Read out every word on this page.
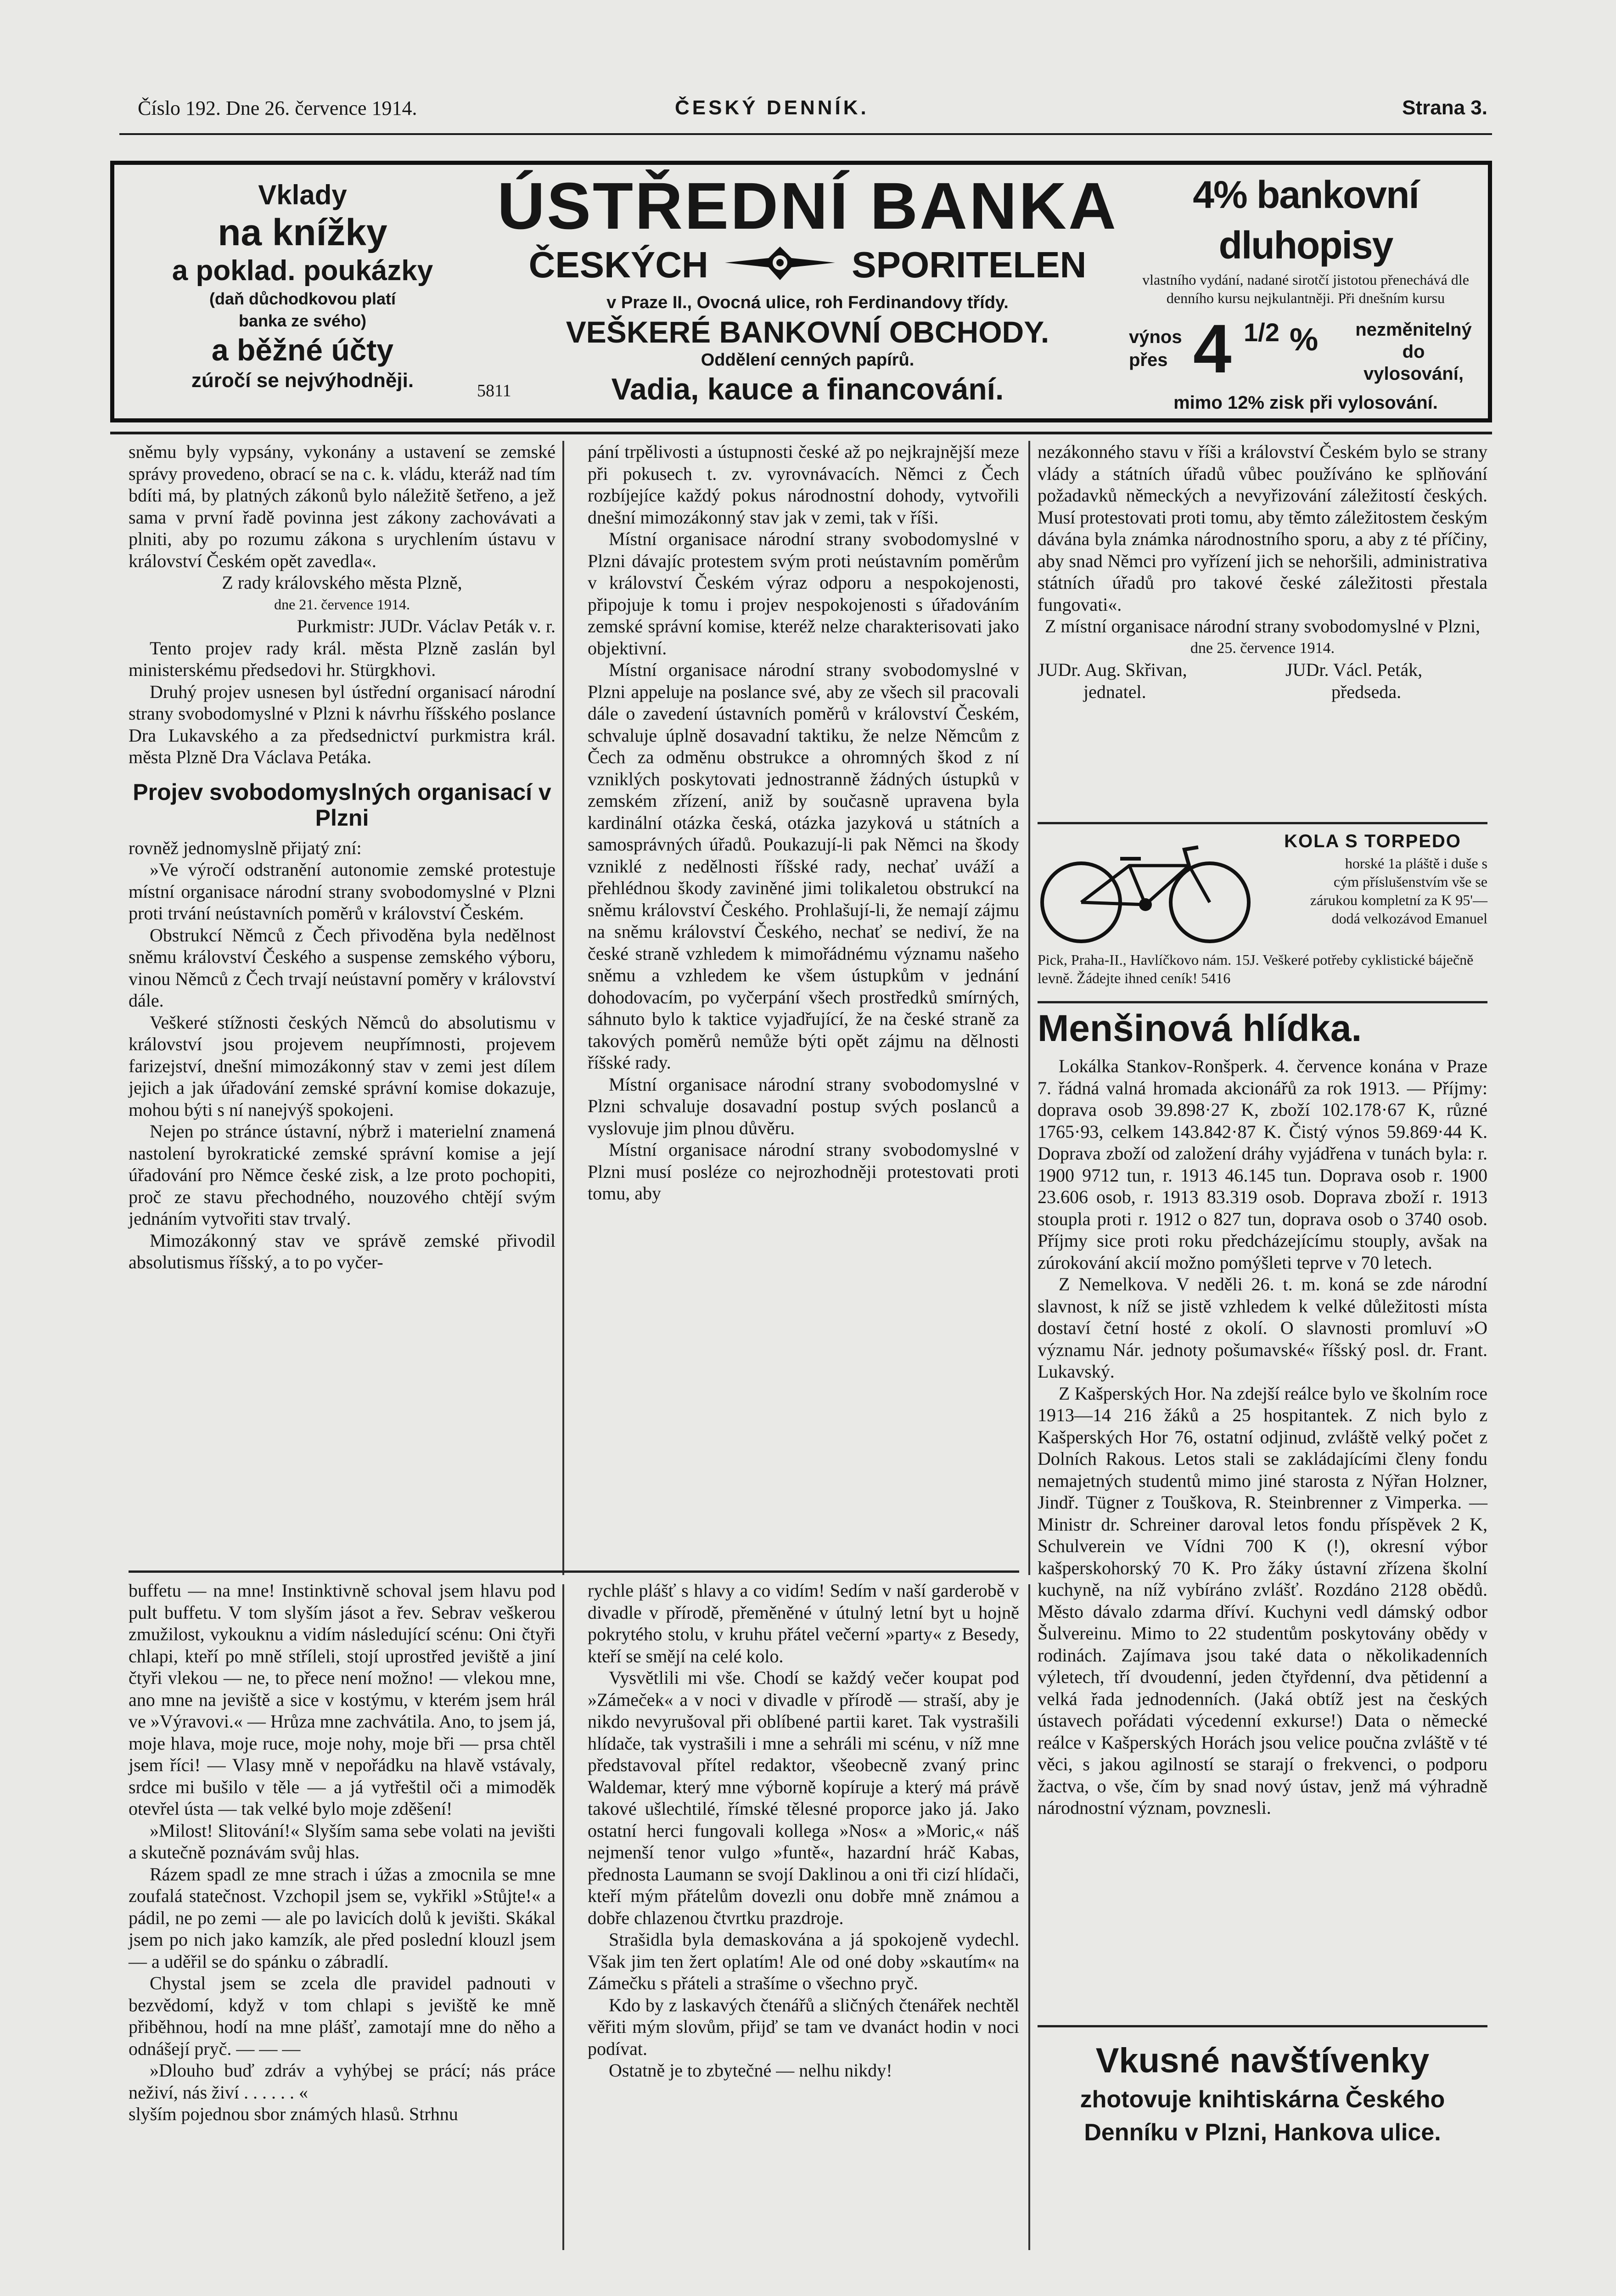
Číslo 192. Dne 26. července 1914.	ČESKÝ DENNÍK.	Strana 3.
Vklady
na knížky
a poklad. poukázky
(daň důchodkovou platí
banka ze svého)
a běžné účty
zúročí se nejvýhodněji.	5811
ÚSTŘEDNÍ BANKA
ČESKÝCH	SPORITELEN
v Praze II., Ovocná ulice, roh Ferdinandovy třídy.
VEŠKERÉ BANKOVNÍ OBCHODY.
Oddělení cenných papírů.
Vadia, kauce a financování.
4% bankovní dluhopisy
vlastního vydání, nadané sirotčí jistotou přenechává dle denního kursu nejkulantněji. Při dnešním kursu
výnos
přes 4 1/2 %	nezměnitelný
do
vylosování,
mimo 12% zisk při vylosování.

sněmu byly vypsány, vykonány a ustavení se zemské správy provedeno, obrací se na c. k. vládu, kteráž nad tím bdíti má, by platných zákonů bylo náležitě šetřeno, a jež sama v první řadě povinna jest zákony zachovávati a plniti, aby po rozumu zákona s urychlením ústavu v království Českém opět zavedla«.

Z rady královského města Plzně,

dne 21. července 1914.

Purkmistr: JUDr. Václav Peták v. r.

Tento projev rady král. města Plzně zaslán byl ministerskému předsedovi hr. Stürgkhovi.

Druhý projev usnesen byl ústřední organisací národní strany svobodomyslné v Plzni k návrhu říšského poslance Dra Lukavského a za předsednictví purkmistra král. města Plzně Dra Václava Petáka.

Projev svobodomyslných organisací v Plzni

rovněž jednomyslně přijatý zní:

»Ve výročí odstranění autonomie zemské protestuje místní organisace národní strany svobodomyslné v Plzni proti trvání neústavních poměrů v království Českém.

Obstrukcí Němců z Čech přivoděna byla nedělnost sněmu království Českého a suspense zemského výboru, vinou Němců z Čech trvají neústavní poměry v království dále.

Veškeré stížnosti českých Němců do absolutismu v království jsou projevem neupřímnosti, projevem farizejství, dnešní mimozákonný stav v zemi jest dílem jejich a jak úřadování zemské správní komise dokazuje, mohou býti s ní nanejvýš spokojeni.

Nejen po stránce ústavní, nýbrž i materielní znamená nastolení byrokratické zemské správní komise a její úřadování pro Němce české zisk, a lze proto pochopiti, proč ze stavu přechodného, nouzového chtějí svým jednáním vytvořiti stav trvalý.

Mimozákonný stav ve správě zemské přivodil absolutismus říšský, a to po vyčer-

pání trpělivosti a ústupnosti české až po nejkrajnější meze při pokusech t. zv. vyrovnávacích. Němci z Čech rozbíjejíce každý pokus národnostní dohody, vytvořili dnešní mimozákonný stav jak v zemi, tak v říši.

Místní organisace národní strany svobodomyslné v Plzni dávajíc protestem svým proti neústavním poměrům v království Českém výraz odporu a nespokojenosti, připojuje k tomu i projev nespokojenosti s úřadováním zemské správní komise, kteréž nelze charakterisovati jako objektivní.

Místní organisace národní strany svobodomyslné v Plzni appeluje na poslance své, aby ze všech sil pracovali dále o zavedení ústavních poměrů v království Českém, schvaluje úplně dosavadní taktiku, že nelze Němcům z Čech za odměnu obstrukce a ohromných škod z ní vzniklých poskytovati jednostranně žádných ústupků v zemském zřízení, aniž by současně upravena byla kardinální otázka česká, otázka jazyková u státních a samosprávných úřadů. Poukazují-li pak Němci na škody vzniklé z nedělnosti říšské rady, nechať uváží a přehlédnou škody zaviněné jimi tolikaletou obstrukcí na sněmu království Českého. Prohlašují-li, že nemají zájmu na sněmu království Českého, nechať se nediví, že na české straně vzhledem k mimořádnému významu našeho sněmu a vzhledem ke všem ústupkům v jednání dohodovacím, po vyčerpání všech prostředků smírných, sáhnuto bylo k taktice vyjadřující, že na české straně za takových poměrů nemůže býti opět zájmu na dělnosti říšské rady.

Místní organisace národní strany svobodomyslné v Plzni schvaluje dosavadní postup svých poslanců a vyslovuje jim plnou důvěru.

Místní organisace národní strany svobodomyslné v Plzni musí posléze co nejrozhodněji protestovati proti tomu, aby

nezákonného stavu v říši a království Českém bylo se strany vlády a státních úřadů vůbec používáno ke splňování požadavků německých a nevyřizování záležitostí českých. Musí protestovati proti tomu, aby těmto záležitostem českým dávána byla známka národnostního sporu, a aby z té příčiny, aby snad Němci pro vyřízení jich se nehoršili, administrativa státních úřadů pro takové české záležitosti přestala fungovati«.

Z místní organisace národní strany svobodomyslné v Plzni,

dne 25. července 1914.

JUDr. Aug. Skřivan,
jednatel.
JUDr. Václ. Peták,
předseda.
KOLA S TORPEDO
horské 1a pláště i duše s
cým příslušenstvím vše se
zárukou kompletní za K 95'—
dodá velkozávod Emanuel
Pick, Praha-II., Havlíčkovo nám. 15J. Veškeré potřeby cyklistické báječně levně. Žádejte ihned ceník! 5416
Menšinová hlídka.

Lokálka Stankov-Ronšperk. 4. července konána v Praze 7. řádná valná hromada akcionářů za rok 1913. — Příjmy: doprava osob 39.898·27 K, zboží 102.178·67 K, různé 1765·93, celkem 143.842·87 K. Čistý výnos 59.869·44 K. Doprava zboží od založení dráhy vyjádřena v tunách byla: r. 1900 9712 tun, r. 1913 46.145 tun. Doprava osob r. 1900 23.606 osob, r. 1913 83.319 osob. Doprava zboží r. 1913 stoupla proti r. 1912 o 827 tun, doprava osob o 3740 osob. Příjmy sice proti roku předcházejícímu stouply, avšak na zúrokování akcií možno pomýšleti teprve v 70 letech.

Z Nemelkova. V neděli 26. t. m. koná se zde národní slavnost, k níž se jistě vzhledem k velké důležitosti místa dostaví četní hosté z okolí. O slavnosti promluví »O významu Nár. jednoty pošumavské« říšský posl. dr. Frant. Lukavský.

Z Kašperských Hor. Na zdejší reálce bylo ve školním roce 1913—14 216 žáků a 25 hospitantek. Z nich bylo z Kašperských Hor 76, ostatní odjinud, zvláště velký počet z Dolních Rakous. Letos stali se zakládajícími členy fondu nemajetných studentů mimo jiné starosta z Nýřan Holzner, Jindř. Tügner z Touškova, R. Steinbrenner z Vimperka. — Ministr dr. Schreiner daroval letos fondu příspěvek 2 K, Schulverein ve Vídni 700 K (!), okresní výbor kašperskohorský 70 K. Pro žáky ústavní zřízena školní kuchyně, na níž vybíráno zvlášť. Rozdáno 2128 obědů. Město dávalo zdarma dříví. Kuchyni vedl dámský odbor Šulvereinu. Mimo to 22 studentům poskytovány obědy v rodinách. Zajímava jsou také data o několikadenních výletech, tří dvoudenní, jeden čtyřdenní, dva pětidenní a velká řada jednodenních. (Jaká obtíž jest na českých ústavech pořádati výcedenní exkurse!) Data o německé reálce v Kašperských Horách jsou velice poučna zvláště v té věci, s jakou agilností se starají o frekvenci, o podporu žactva, o vše, čím by snad nový ústav, jenž má výhradně národnostní význam, povznesli.

buffetu — na mne! Instinktivně schoval jsem hlavu pod pult buffetu. V tom slyším jásot a řev. Sebrav veškerou zmužilost, vykouknu a vidím následující scénu: Oni čtyři chlapi, kteří po mně stříleli, stojí uprostřed jeviště a jiní čtyři vlekou — ne, to přece není možno! — vlekou mne, ano mne na jeviště a sice v kostýmu, v kterém jsem hrál ve »Výravovi.« — Hrůza mne zachvátila. Ano, to jsem já, moje hlava, moje ruce, moje nohy, moje bři — prsa chtěl jsem říci! — Vlasy mně v nepořádku na hlavě vstávaly, srdce mi bušilo v těle — a já vytřeštil oči a mimoděk otevřel ústa — tak velké bylo moje zděšení!

»Milost! Slitování!« Slyším sama sebe volati na jevišti a skutečně poznávám svůj hlas.

Rázem spadl ze mne strach i úžas a zmocnila se mne zoufalá statečnost. Vzchopil jsem se, vykřikl »Stůjte!« a pádil, ne po zemi — ale po lavicích dolů k jevišti. Skákal jsem po nich jako kamzík, ale před poslední klouzl jsem — a uděřil se do spánku o zábradlí.

Chystal jsem se zcela dle pravidel padnouti v bezvědomí, když v tom chlapi s jeviště ke mně přiběhnou, hodí na mne plášť, zamotají mne do něho a odnášejí pryč. — — —

»Dlouho buď zdráv a vyhýbej se prácí; nás práce neživí, nás živí . . . . . . «

slyším pojednou sbor známých hlasů. Strhnu

rychle plášť s hlavy a co vidím! Sedím v naší garderobě v divadle v přírodě, přeměněné v útulný letní byt u hojně pokrytého stolu, v kruhu přátel večerní »party« z Besedy, kteří se smějí na celé kolo.

Vysvětlili mi vše. Chodí se každý večer koupat pod »Zámeček« a v noci v divadle v přírodě — straší, aby je nikdo nevyrušoval při oblíbené partii karet. Tak vystrašili hlídače, tak vystrašili i mne a sehráli mi scénu, v níž mne představoval přítel redaktor, všeobecně zvaný princ Waldemar, který mne výborně kopíruje a který má právě takové ušlechtilé, římské tělesné proporce jako já. Jako ostatní herci fungovali kollega »Nos« a »Moric,« náš nejmenší tenor vulgo »funtě«, hazardní hráč Kabas, přednosta Laumann se svojí Daklinou a oni tři cizí hlídači, kteří mým přátelům dovezli onu dobře mně známou a dobře chlazenou čtvrtku prazdroje.

Strašidla byla demaskována a já spokojeně vydechl. Však jim ten žert oplatím! Ale od oné doby »skautím« na Zámečku s přáteli a strašíme o všechno pryč.

Kdo by z laskavých čtenářů a sličných čtenářek nechtěl věřiti mým slovům, přijď se tam ve dvanáct hodin v noci podívat.

Ostatně je to zbytečné — nelhu nikdy!	Vkusné navštívenky
zhotovuje knihtiskárna Českého Denníku v Plzni, Hankova ulice.
